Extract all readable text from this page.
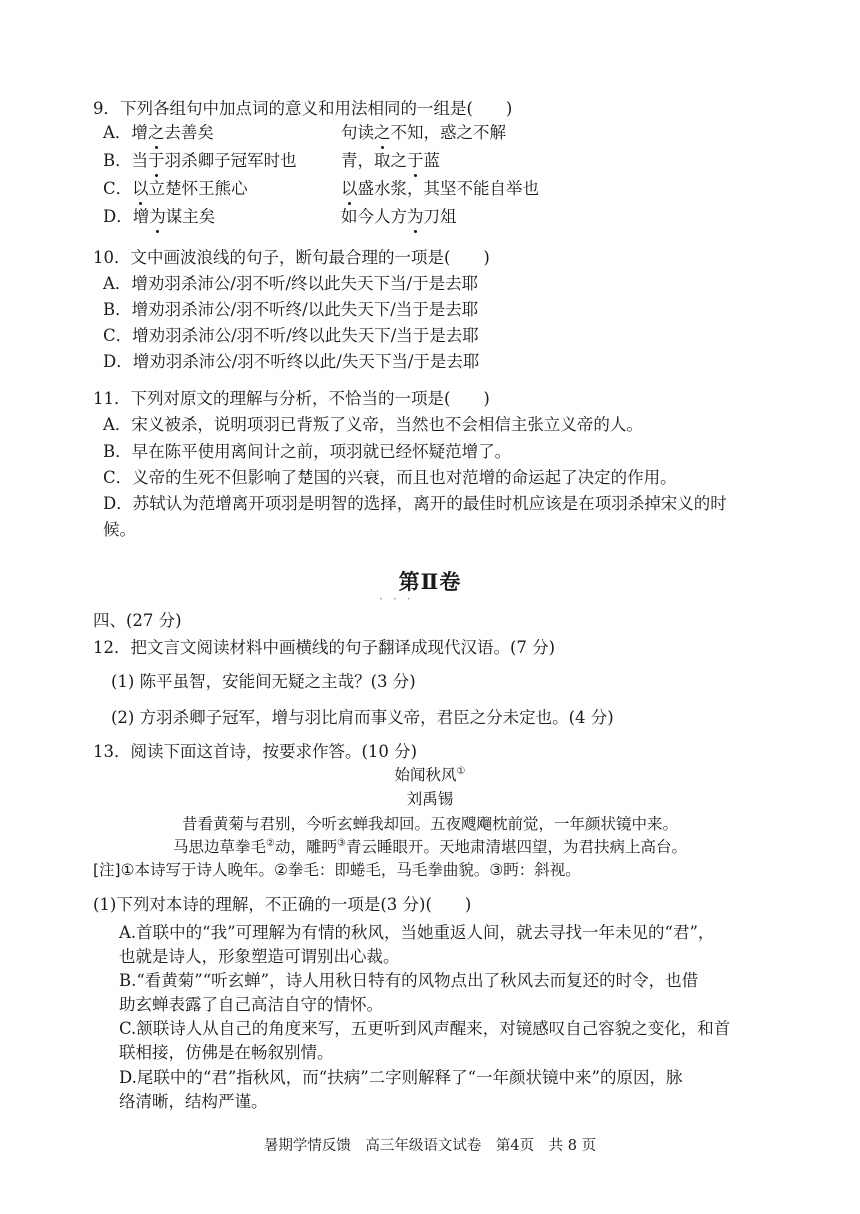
9．下列各组句中加点词的意义和用法相同的一组是(　　)
A．增之去善矣	句读之不知，惑之不解
B．当于羽杀卿子冠军时也	青，取之于蓝
C．以立楚怀王熊心	以盛水浆，其坚不能自举也
D．增为谋主矣	如今人方为刀俎
10．文中画波浪线的句子，断句最合理的一项是(　　)
A．增劝羽杀沛公/羽不听/终以此失天下当/于是去耶
B．增劝羽杀沛公/羽不听终/以此失天下/当于是去耶
C．增劝羽杀沛公/羽不听/终以此失天下/当于是去耶
D．增劝羽杀沛公/羽不听终以此/失天下当/于是去耶
11．下列对原文的理解与分析，不恰当的一项是(　　)
A．宋义被杀，说明项羽已背叛了义帝，当然也不会相信主张立义帝的人。
B．早在陈平使用离间计之前，项羽就已经怀疑范增了。
C．义帝的生死不但影响了楚国的兴衰，而且也对范增的命运起了决定的作用。
D．苏轼认为范增离开项羽是明智的选择，离开的最佳时机应该是在项羽杀掉宋义的时
候。
第Ⅱ卷
···
四、(27 分)
12．把文言文阅读材料中画横线的句子翻译成现代汉语。(7 分)
(1) 陈平虽智，安能间无疑之主哉？(3 分)
(2) 方羽杀卿子冠军，增与羽比肩而事义帝，君臣之分未定也。(4 分)
13．阅读下面这首诗，按要求作答。(10 分)
始闻秋风①
刘禹锡
昔看黄菊与君别，今听玄蝉我却回。五夜飕飗枕前觉，一年颜状镜中来。
马思边草拳毛②动，雕眄③青云睡眼开。天地肃清堪四望，为君扶病上高台。
[注]①本诗写于诗人晚年。②拳毛：即蜷毛，马毛拳曲貌。③眄：斜视。
(1)下列对本诗的理解，不正确的一项是(3 分)(　　)
A.首联中的“我”可理解为有情的秋风，当她重返人间，就去寻找一年未见的“君”，
也就是诗人，形象塑造可谓别出心裁。
B.“看黄菊”“听玄蝉”，诗人用秋日特有的风物点出了秋风去而复还的时令，也借
助玄蝉表露了自己高洁自守的情怀。
C.颔联诗人从自己的角度来写，五更听到风声醒来，对镜感叹自己容貌之变化，和首
联相接，仿佛是在畅叙别情。
D.尾联中的“君”指秋风，而“扶病”二字则解释了“一年颜状镜中来”的原因，脉
络清晰，结构严谨。
暑期学情反馈　高三年级语文试卷　 第4页　共 8 页
